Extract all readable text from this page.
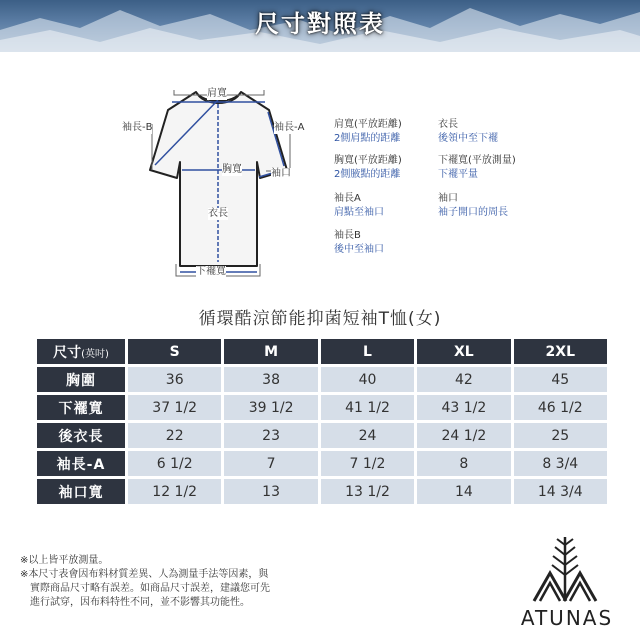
尺寸對照表
肩寬
袖長-B	袖長-A
胸寬	袖口
衣長
下襬寬
肩寬(平放距離)
2側肩點的距離
衣長
後領中至下襬
胸寬(平放距離)
2側腋點的距離
下襬寬(平放測量)
下襬平量
袖長A
肩點至袖口
袖口
袖子開口的周長
袖長B
後中至袖口
循環酷涼節能抑菌短袖T恤(女)
尺寸(英吋)	S	M	L	XL	2XL
胸圍	36	38	40	42	45
下襬寬	37 1/2	39 1/2	41 1/2	43 1/2	46 1/2
後衣長	22	23	24	24 1/2	25
袖長-A	6 1/2	7	7 1/2	8	8 3/4
袖口寬	12 1/2	13	13 1/2	14	14 3/4
※以上皆平放測量。
※本尺寸表會因布料材質差異、人為測量手法等因素，與
　實際商品尺寸略有誤差。如商品尺寸誤差，建議您可先
　進行試穿，因布料特性不同，並不影響其功能性。
ATUNAS
